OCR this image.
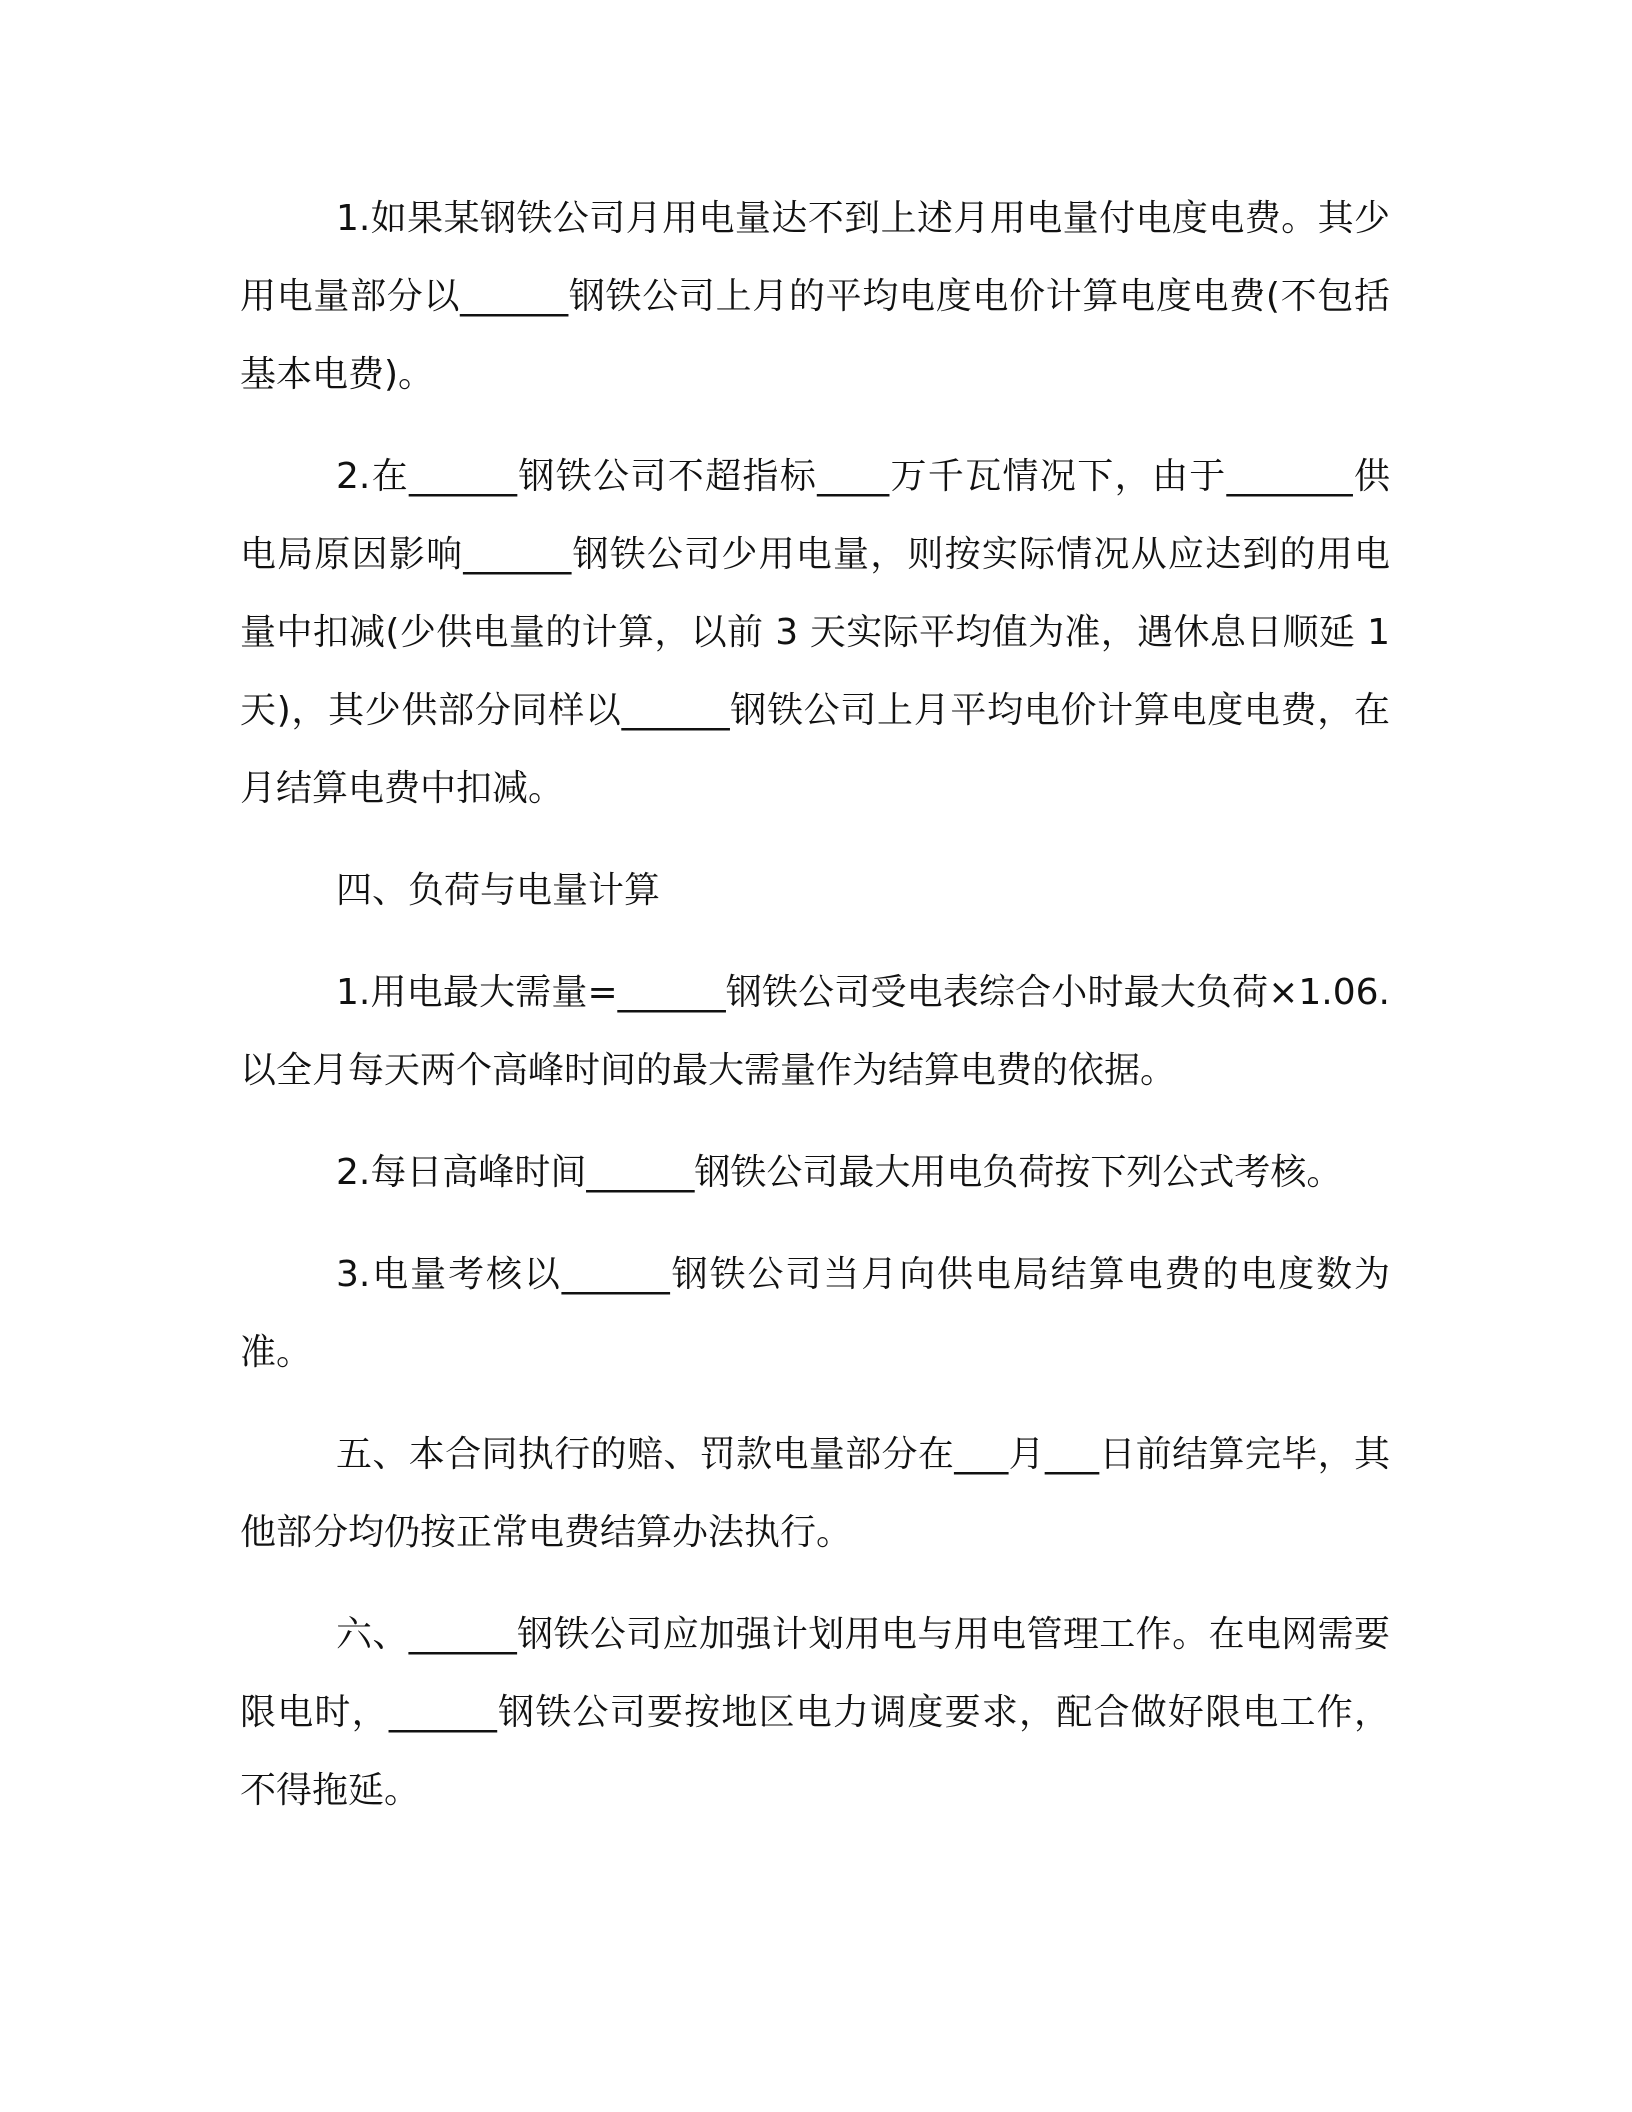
1.如果某钢铁公司月用电量达不到上述月用电量付电度电费。其少用电量部分以______钢铁公司上月的平均电度电价计算电度电费(不包括基本电费)。

2.在______钢铁公司不超指标____万千瓦情况下，由于_______供电局原因影响______钢铁公司少用电量，则按实际情况从应达到的用电量中扣减(少供电量的计算，以前 3 天实际平均值为准，遇休息日顺延 1 天)，其少供部分同样以______钢铁公司上月平均电价计算电度电费，在月结算电费中扣减。

四、负荷与电量计算

1.用电最大需量=______钢铁公司受电表综合小时最大负荷×1.06.以全月每天两个高峰时间的最大需量作为结算电费的依据。

2.每日高峰时间______钢铁公司最大用电负荷按下列公式考核。

3.电量考核以______钢铁公司当月向供电局结算电费的电度数为准。

五、本合同执行的赔、罚款电量部分在___月___日前结算完毕，其他部分均仍按正常电费结算办法执行。

六、______钢铁公司应加强计划用电与用电管理工作。在电网需要限电时，______钢铁公司要按地区电力调度要求，配合做好限电工作，不得拖延。
